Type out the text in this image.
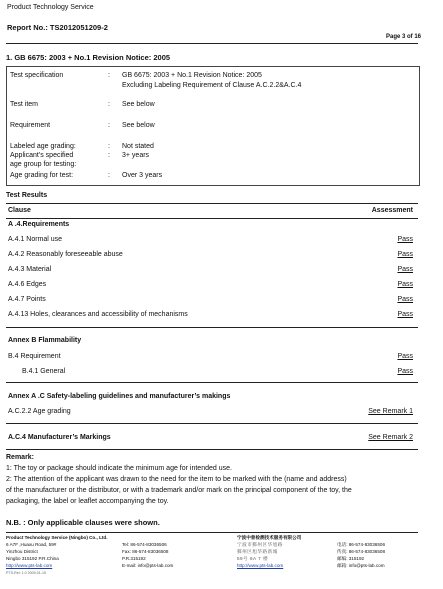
Product Technology Service
Report No.: TS2012051209-2
Page 3 of 16
1. GB 6675: 2003 + No.1 Revision Notice: 2005
Test specification	: GB 6675: 2003 + No.1 Revision Notice: 2005
Excluding Labeling Requirement of Clause A.C.2.2&A.C.4
Test item	: See below
Requirement	: See below
Labeled age grading:	: Not stated
Applicant’s specified	: 3+ years
age group for testing:
Age grading for test:	: Over 3 years
Test Results
Clause	Assessment
A .4.Requirements
A.4.1 Normal use	Pass
A.4.2 Reasonably foreseeable abuse	Pass
A.4.3 Material	Pass
A.4.6 Edges	Pass
A.4.7 Points	Pass
A.4.13 Holes, clearances and accessibility of mechanisms	Pass
Annex B Flammability
B.4 Requirement	Pass
B.4.1 General	Pass
Annex A .C Safety-labeling guidelines and manufacturer’s makings
A.C.2.2 Age grading	See Remark 1
A.C.4 Manufacturer’s Markings	See Remark 2
Remark:
1: The toy or package should indicate the minimum age for intended use.
2: The attention of the applicant was drawn to the need for the item to be marked with the (name and address)
of the manufacturer or the distributor, or with a trademark and/or mark on the principal component of the toy, the
packaging, the label or leaflet accompanying the toy.
N.B. : Only applicable clauses were shown.
Product Technology Service (Ningbo) Co., Ltd.
6 A7F ,Huaxu Road, 59#
Yinzhou District
Ningbo 315192 P.R.China
http://www.pts-lab.com
Tel: 86-574-83036506
Fax: 86-574-83036508
P.R.315192
E-mail: info@pts-lab.com
宁波中普检测技术服务有限公司
宁波市鄞州区华旭路
鄞州区旭华路新城
59号 6A 7 楼
http://www.pts-lab.com
电话: 86-574-83036506
传真: 86-574-83036508
邮编: 315192
邮箱: info@pts-lab.com
PTS-Rel: 1.0 2009-01-15
